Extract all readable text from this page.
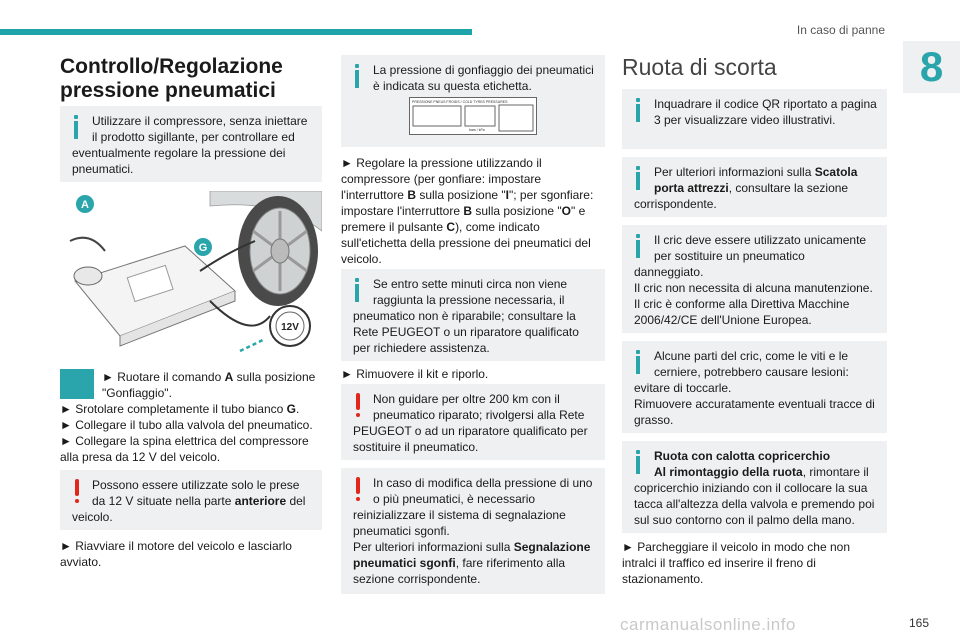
In caso di panne
8
Controllo/Regolazione pressione pneumatici
Utilizzare il compressore, senza iniettare il prodotto sigillante, per controllare ed eventualmente regolare la pressione dei pneumatici.
12V
A
G
► Ruotare il comando A sulla posizione "Gonfiaggio".
► Srotolare completamente il tubo bianco G.
► Collegare il tubo alla valvola del pneumatico.
► Collegare la spina elettrica del compressore alla presa da 12 V del veicolo.
Possono essere utilizzate solo le prese da 12 V situate nella parte anteriore del veicolo.
► Riavviare il motore del veicolo e lasciarlo avviato.
La pressione di gonfiaggio dei pneumatici è indicata su questa etichetta.
PRESSIONE PNEUS FROIDS / COLD TYRES PRESSURES
bars / kPa
► Regolare la pressione utilizzando il compressore (per gonfiare: impostare l'interruttore B sulla posizione "I"; per sgonfiare: impostare l'interruttore B sulla posizione "O" e premere il pulsante C), come indicato sull'etichetta della pressione dei pneumatici del veicolo.
Se entro sette minuti circa non viene raggiunta la pressione necessaria, il pneumatico non è riparabile; consultare la Rete PEUGEOT o un riparatore qualificato per richiedere assistenza.
► Rimuovere il kit e riporlo.
Non guidare per oltre 200 km con il pneumatico riparato; rivolgersi alla Rete PEUGEOT o ad un riparatore qualificato per sostituire il pneumatico.
In caso di modifica della pressione di uno o più pneumatici, è necessario reinizializzare il sistema di segnalazione pneumatici sgonfi.
Per ulteriori informazioni sulla Segnalazione pneumatici sgonfi, fare riferimento alla sezione corrispondente.
Ruota di scorta
Inquadrare il codice QR riportato a pagina 3 per visualizzare video illustrativi.
Per ulteriori informazioni sulla Scatola porta attrezzi, consultare la sezione corrispondente.
Il cric deve essere utilizzato unicamente per sostituire un pneumatico danneggiato.
Il cric non necessita di alcuna manutenzione.
Il cric è conforme alla Direttiva Macchine 2006/42/CE dell'Unione Europea.
Alcune parti del cric, come le viti e le cerniere, potrebbero causare lesioni: evitare di toccarle.
Rimuovere accuratamente eventuali tracce di grasso.
Ruota con calotta copricerchio
Al rimontaggio della ruota, rimontare il copricerchio iniziando con il collocare la sua tacca all'altezza della valvola e premendo poi sul suo contorno con il palmo della mano.
► Parcheggiare il veicolo in modo che non intralci il traffico ed inserire il freno di stazionamento.
carmanualsonline.info	165
